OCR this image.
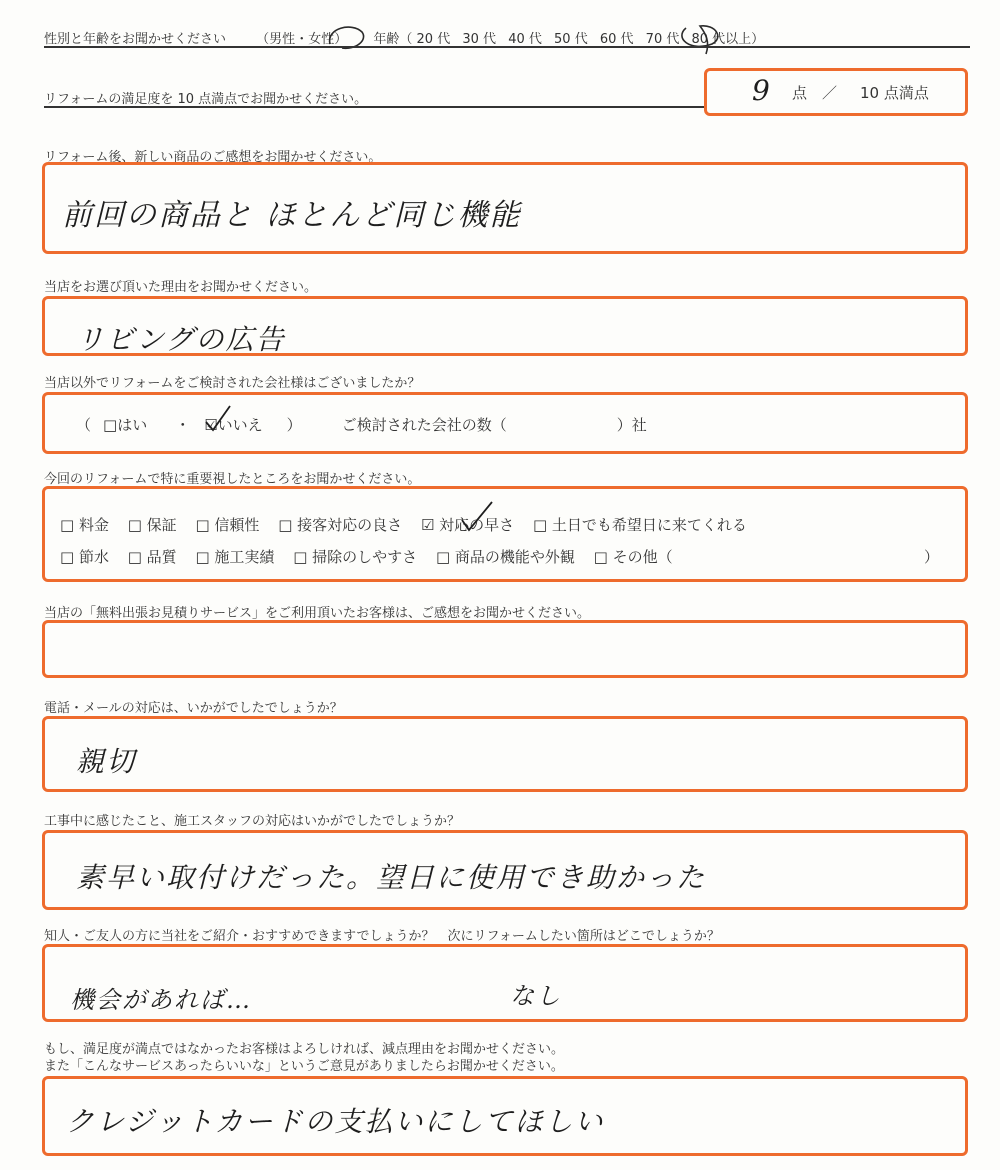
性別と年齢をお聞かせください （男性・女性） 年齢（ 20 代 30 代 40 代 50 代 60 代 70 代 80 代以上）
リフォームの満足度を 10 点満点でお聞かせください。	9 点 ／ 10 点満点
リフォーム後、新しい商品のご感想をお聞かせください。
前回の商品と ほとんど同じ機能
当店をお選び頂いた理由をお聞かせください。
リビングの広告
当店以外でリフォームをご検討された会社様はございましたか？
（ □はい ・ ☑いいえ ）	ご検討された会社の数（	）社
今回のリフォームで特に重要視したところをお聞かせください。
□ 料金 □ 保証 □ 信頼性 □ 接客対応の良さ ☑ 対応の早さ □ 土日でも希望日に来てくれる
□ 節水 □ 品質 □ 施工実績 □ 掃除のしやすさ □ 商品の機能や外観 □ その他（	）
当店の「無料出張お見積りサービス」をご利用頂いたお客様は、ご感想をお聞かせください。
電話・メールの対応は、いかがでしたでしょうか？
親切
工事中に感じたこと、施工スタッフの対応はいかがでしたでしょうか？
素早い取付けだった。望日に使用でき助かった
知人・ご友人の方に当社をご紹介・おすすめできますでしょうか？　次にリフォームしたい箇所はどこでしょうか？
機会があれば…	なし
もし、満足度が満点ではなかったお客様はよろしければ、減点理由をお聞かせください。
また「こんなサービスあったらいいな」というご意見がありましたらお聞かせください。
クレジットカードの支払いにしてほしい
